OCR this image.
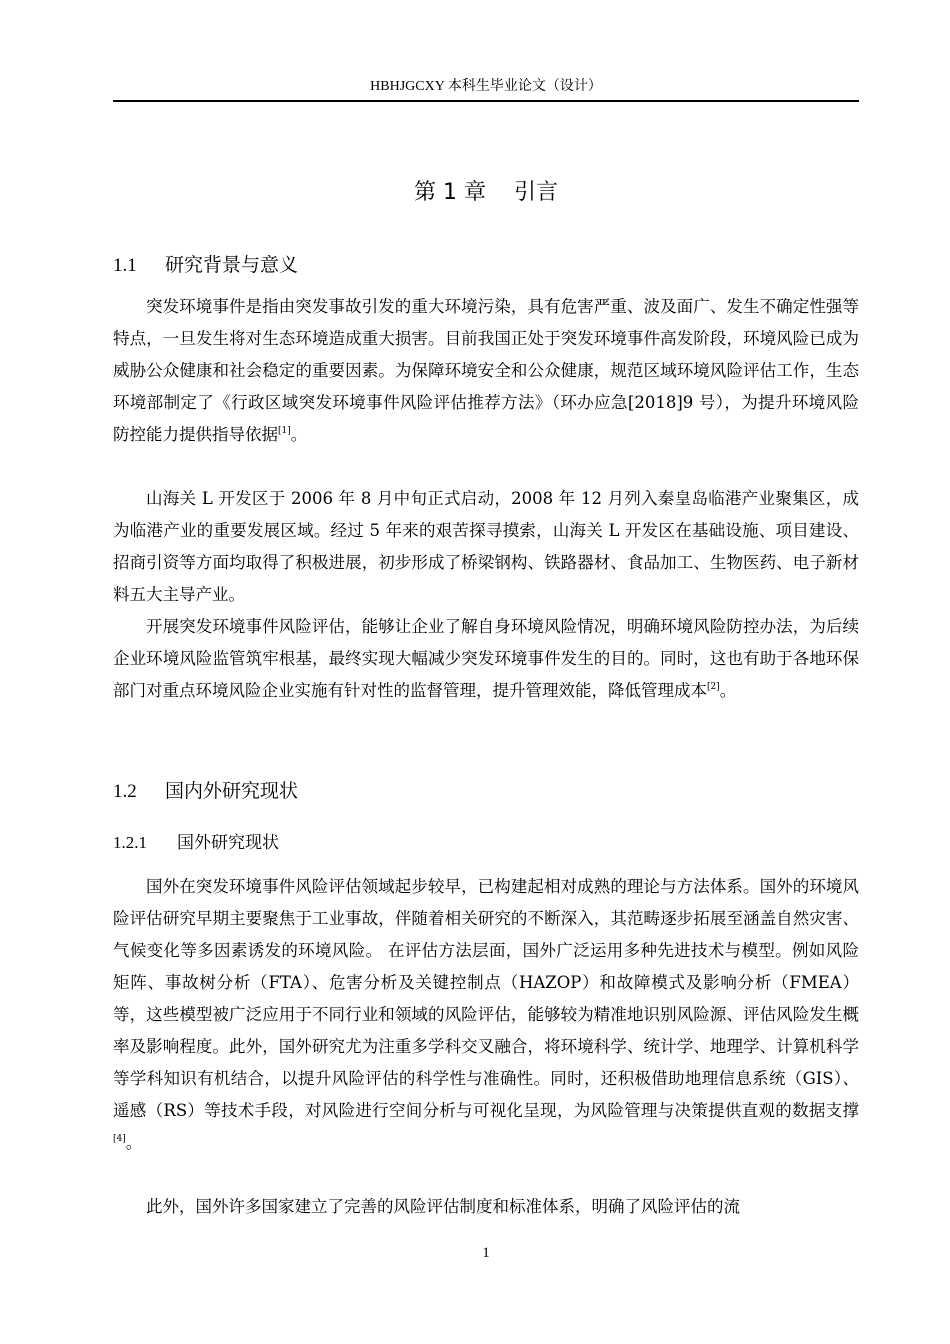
HBHJGCXY 本科生毕业论文（设计）
第 1 章 引言
1.1 研究背景与意义

突发环境事件是指由突发事故引发的重大环境污染，具有危害严重、波及面广、发生不确定性强等特点，一旦发生将对生态环境造成重大损害。目前我国正处于突发环境事件高发阶段，环境风险已成为威胁公众健康和社会稳定的重要因素。为保障环境安全和公众健康，规范区域环境风险评估工作，生态环境部制定了《行政区域突发环境事件风险评估推荐方法》（环办应急[2018]9 号），为提升环境风险防控能力提供指导依据[1]。

山海关 L 开发区于 2006 年 8 月中旬正式启动，2008 年 12 月列入秦皇岛临港产业聚集区，成为临港产业的重要发展区域。经过 5 年来的艰苦探寻摸索，山海关 L 开发区在基础设施、项目建设、招商引资等方面均取得了积极进展，初步形成了桥梁钢构、铁路器材、食品加工、生物医药、电子新材料五大主导产业。

开展突发环境事件风险评估，能够让企业了解自身环境风险情况，明确环境风险防控办法，为后续企业环境风险监管筑牢根基，最终实现大幅减少突发环境事件发生的目的。同时，这也有助于各地环保部门对重点环境风险企业实施有针对性的监督管理，提升管理效能，降低管理成本[2]。

1.2 国内外研究现状
1.2.1 国外研究现状

国外在突发环境事件风险评估领域起步较早，已构建起相对成熟的理论与方法体系。国外的环境风险评估研究早期主要聚焦于工业事故，伴随着相关研究的不断深入，其范畴逐步拓展至涵盖自然灾害、气候变化等多因素诱发的环境风险。 在评估方法层面，国外广泛运用多种先进技术与模型。例如风险矩阵、事故树分析（FTA）、危害分析及关键控制点（HAZOP）和故障模式及影响分析（FMEA）等，这些模型被广泛应用于不同行业和领域的风险评估，能够较为精准地识别风险源、评估风险发生概率及影响程度。此外，国外研究尤为注重多学科交叉融合，将环境科学、统计学、地理学、计算机科学等学科知识有机结合，以提升风险评估的科学性与准确性。同时，还积极借助地理信息系统（GIS）、遥感（RS）等技术手段，对风险进行空间分析与可视化呈现，为风险管理与决策提供直观的数据支撑[4]。

此外，国外许多国家建立了完善的风险评估制度和标准体系，明确了风险评估的流

1
